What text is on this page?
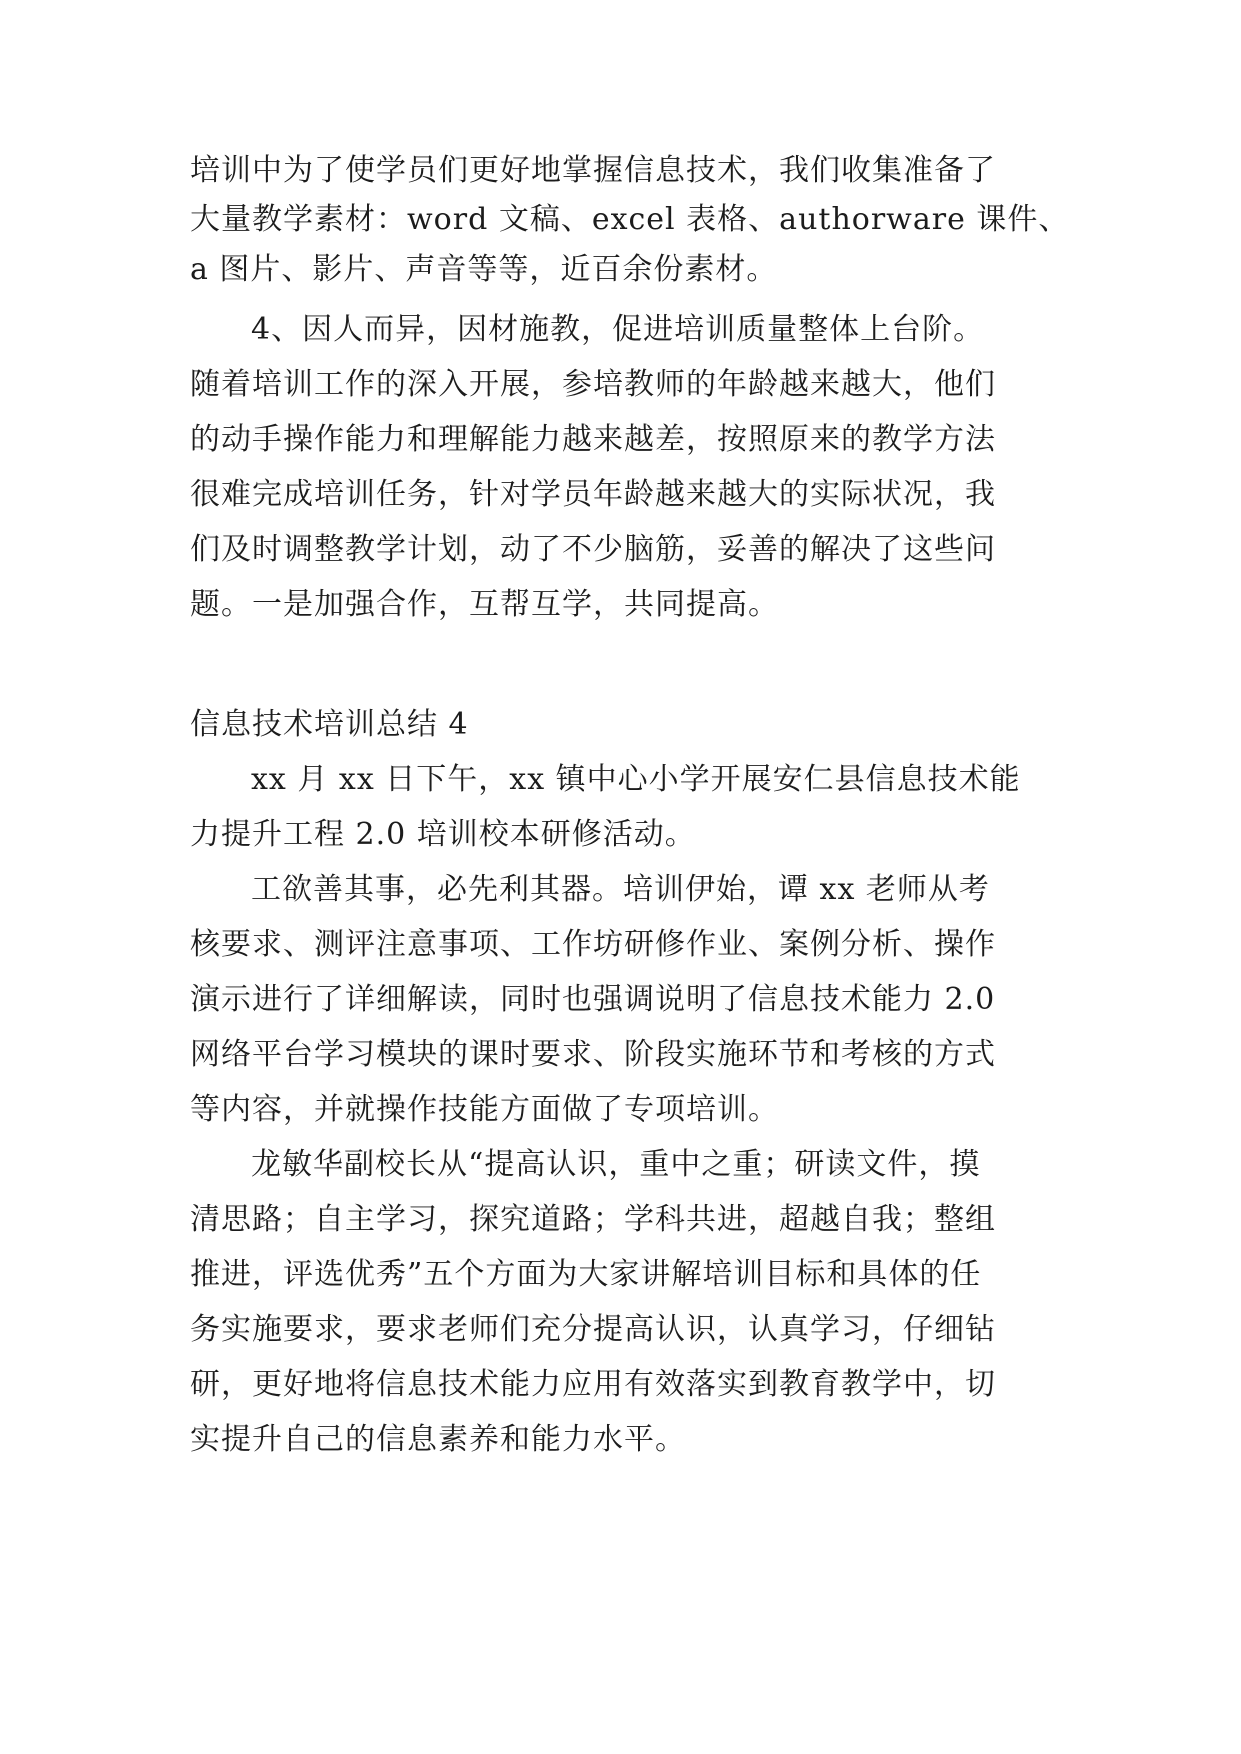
培训中为了使学员们更好地掌握信息技术，我们收集准备了
大量教学素材：word 文稿、excel 表格、authorware 课件、
a 图片、影片、声音等等，近百余份素材。
4、因人而异，因材施教，促进培训质量整体上台阶。
随着培训工作的深入开展，参培教师的年龄越来越大，他们
的动手操作能力和理解能力越来越差，按照原来的教学方法
很难完成培训任务，针对学员年龄越来越大的实际状况，我
们及时调整教学计划，动了不少脑筋，妥善的解决了这些问
题。一是加强合作，互帮互学，共同提高。
信息技术培训总结 4
xx 月 xx 日下午，xx 镇中心小学开展安仁县信息技术能
力提升工程 2.0 培训校本研修活动。
工欲善其事，必先利其器。培训伊始，谭 xx 老师从考
核要求、测评注意事项、工作坊研修作业、案例分析、操作
演示进行了详细解读，同时也强调说明了信息技术能力 2.0
网络平台学习模块的课时要求、阶段实施环节和考核的方式
等内容，并就操作技能方面做了专项培训。
龙敏华副校长从“提高认识，重中之重；研读文件，摸
清思路；自主学习，探究道路；学科共进，超越自我；整组
推进，评选优秀”五个方面为大家讲解培训目标和具体的任
务实施要求，要求老师们充分提高认识，认真学习，仔细钻
研，更好地将信息技术能力应用有效落实到教育教学中，切
实提升自己的信息素养和能力水平。
